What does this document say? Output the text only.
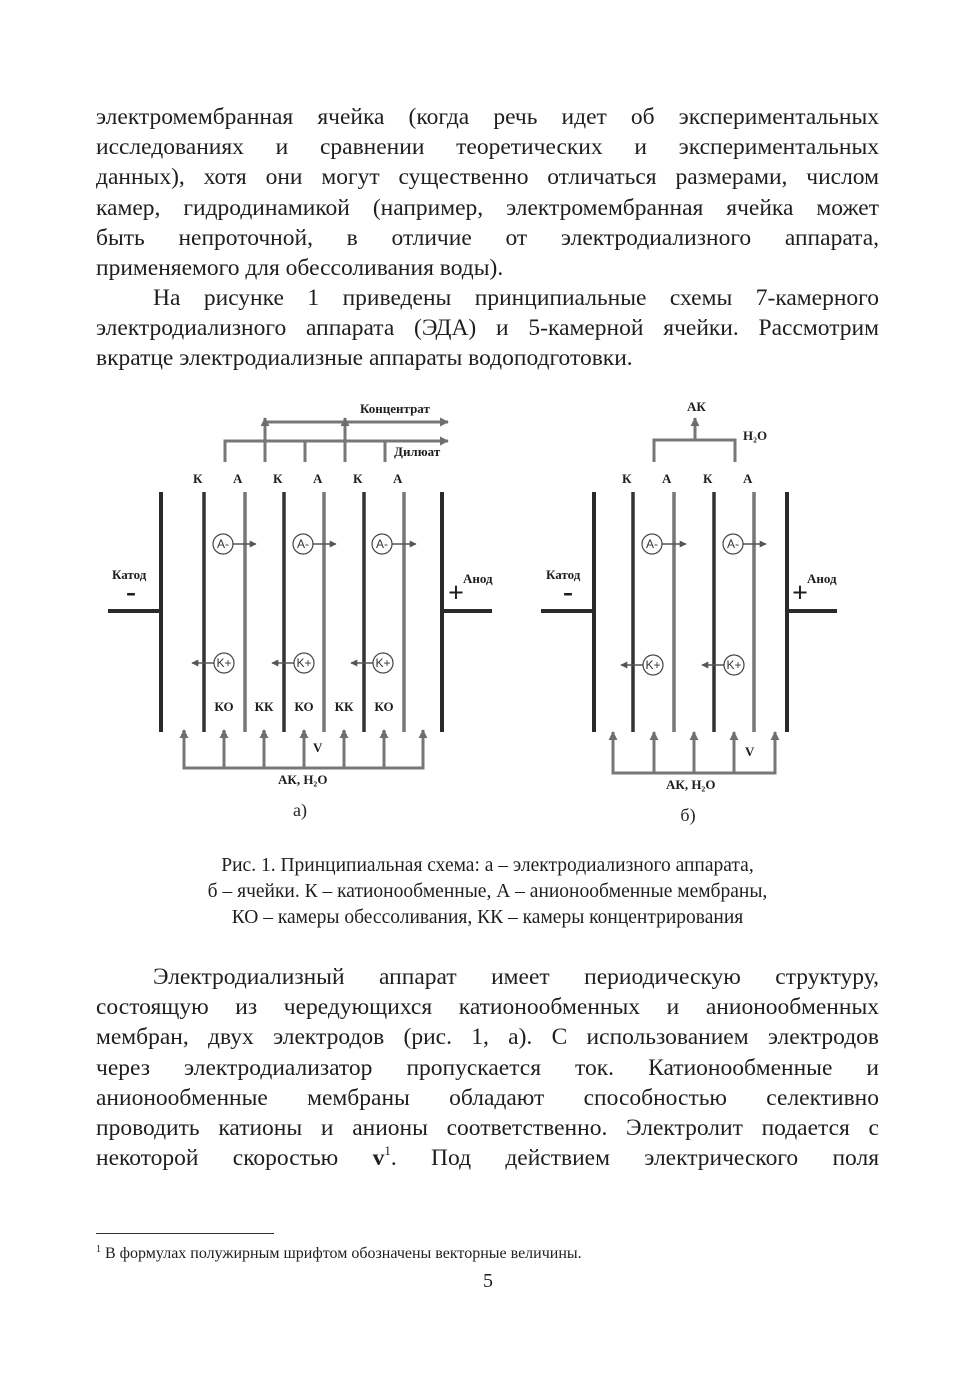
электромембранная ячейка (когда речь идет об экспериментальных
исследованиях и сравнении теоретических и экспериментальных
данных), хотя они могут существенно отличаться размерами, числом
камер, гидродинамикой (например, электромембранная ячейка может
быть непроточной, в отличие от электродиализного аппарата,
применяемого для обессоливания воды).
На рисунке 1 приведены принципиальные схемы 7-камерного
электродиализного аппарата (ЭДА) и 5-камерной ячейки. Рассмотрим
вкратце электродиализные аппараты водоподготовки.
Концентрат
Дилюат
К А К А К А
Катод
-	Анод
+
A-	A-	A-
K+	K+	K+
КО КК КО КК КО
V
АК, H₂O
а)
АК
H₂O
К А К А
Катод
-	Анод
+
A-	A-
K+	K+
V
АК, H₂O
б)
Рис. 1. Принципиальная схема: а – электродиализного аппарата,
б – ячейки. К – катионообменные, А – анионообменные мембраны,
КО – камеры обессоливания, КК – камеры концентрирования
Электродиализный аппарат имеет периодическую структуру,
состоящую из чередующихся катионообменных и анионообменных
мембран, двух электродов (рис. 1, а). С использованием электродов
через электродиализатор пропускается ток. Катионообменные и
анионообменные мембраны обладают способностью селективно
проводить катионы и анионы соответственно. Электролит подается с
некоторой скоростью v$^1$. Под действием электрического поля
$^1$ В формулах полужирным шрифтом обозначены векторные величины.
5
